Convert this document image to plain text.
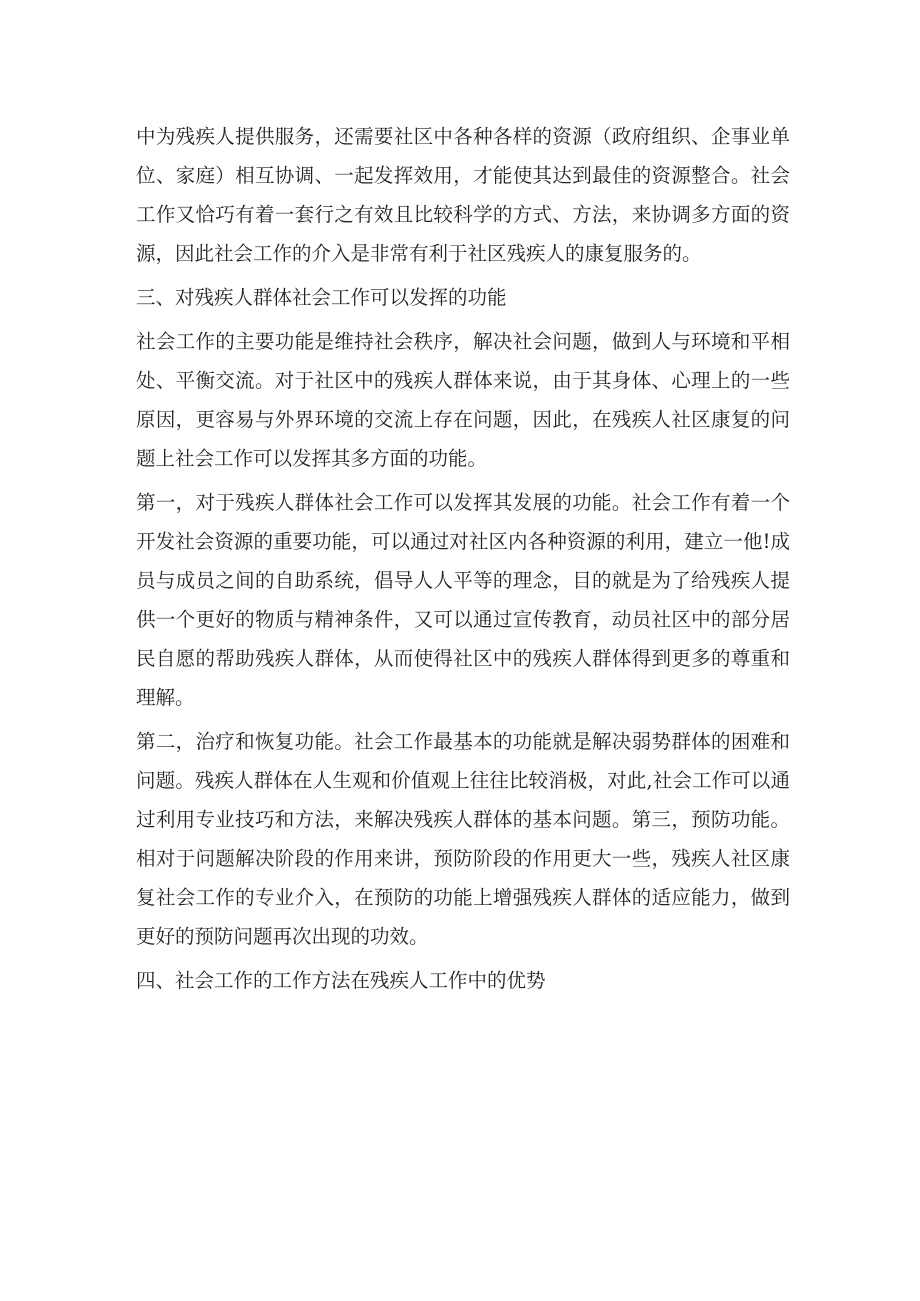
中为残疾人提供服务，还需要社区中各种各样的资源（政府组织、企事业单位、家庭）相互协调、一起发挥效用，才能使其达到最佳的资源整合。社会工作又恰巧有着一套行之有效且比较科学的方式、方法，来协调多方面的资源，因此社会工作的介入是非常有利于社区残疾人的康复服务的。

三、对残疾人群体社会工作可以发挥的功能

社会工作的主要功能是维持社会秩序，解决社会问题，做到人与环境和平相处、平衡交流。对于社区中的残疾人群体来说，由于其身体、心理上的一些原因，更容易与外界环境的交流上存在问题，因此，在残疾人社区康复的问题上社会工作可以发挥其多方面的功能。

第一，对于残疾人群体社会工作可以发挥其发展的功能。社会工作有着一个开发社会资源的重要功能，可以通过对社区内各种资源的利用，建立一他!成员与成员之间的自助系统，倡导人人平等的理念，目的就是为了给残疾人提供一个更好的物质与精神条件，又可以通过宣传教育，动员社区中的部分居民自愿的帮助残疾人群体，从而使得社区中的残疾人群体得到更多的尊重和理解。

第二，治疗和恢复功能。社会工作最基本的功能就是解决弱势群体的困难和问题。残疾人群体在人生观和价值观上往往比较消极，对此,社会工作可以通过利用专业技巧和方法，来解决残疾人群体的基本问题。第三，预防功能。相对于问题解决阶段的作用来讲，预防阶段的作用更大一些，残疾人社区康复社会工作的专业介入，在预防的功能上增强残疾人群体的适应能力，做到更好的预防问题再次出现的功效。

四、社会工作的工作方法在残疾人工作中的优势
